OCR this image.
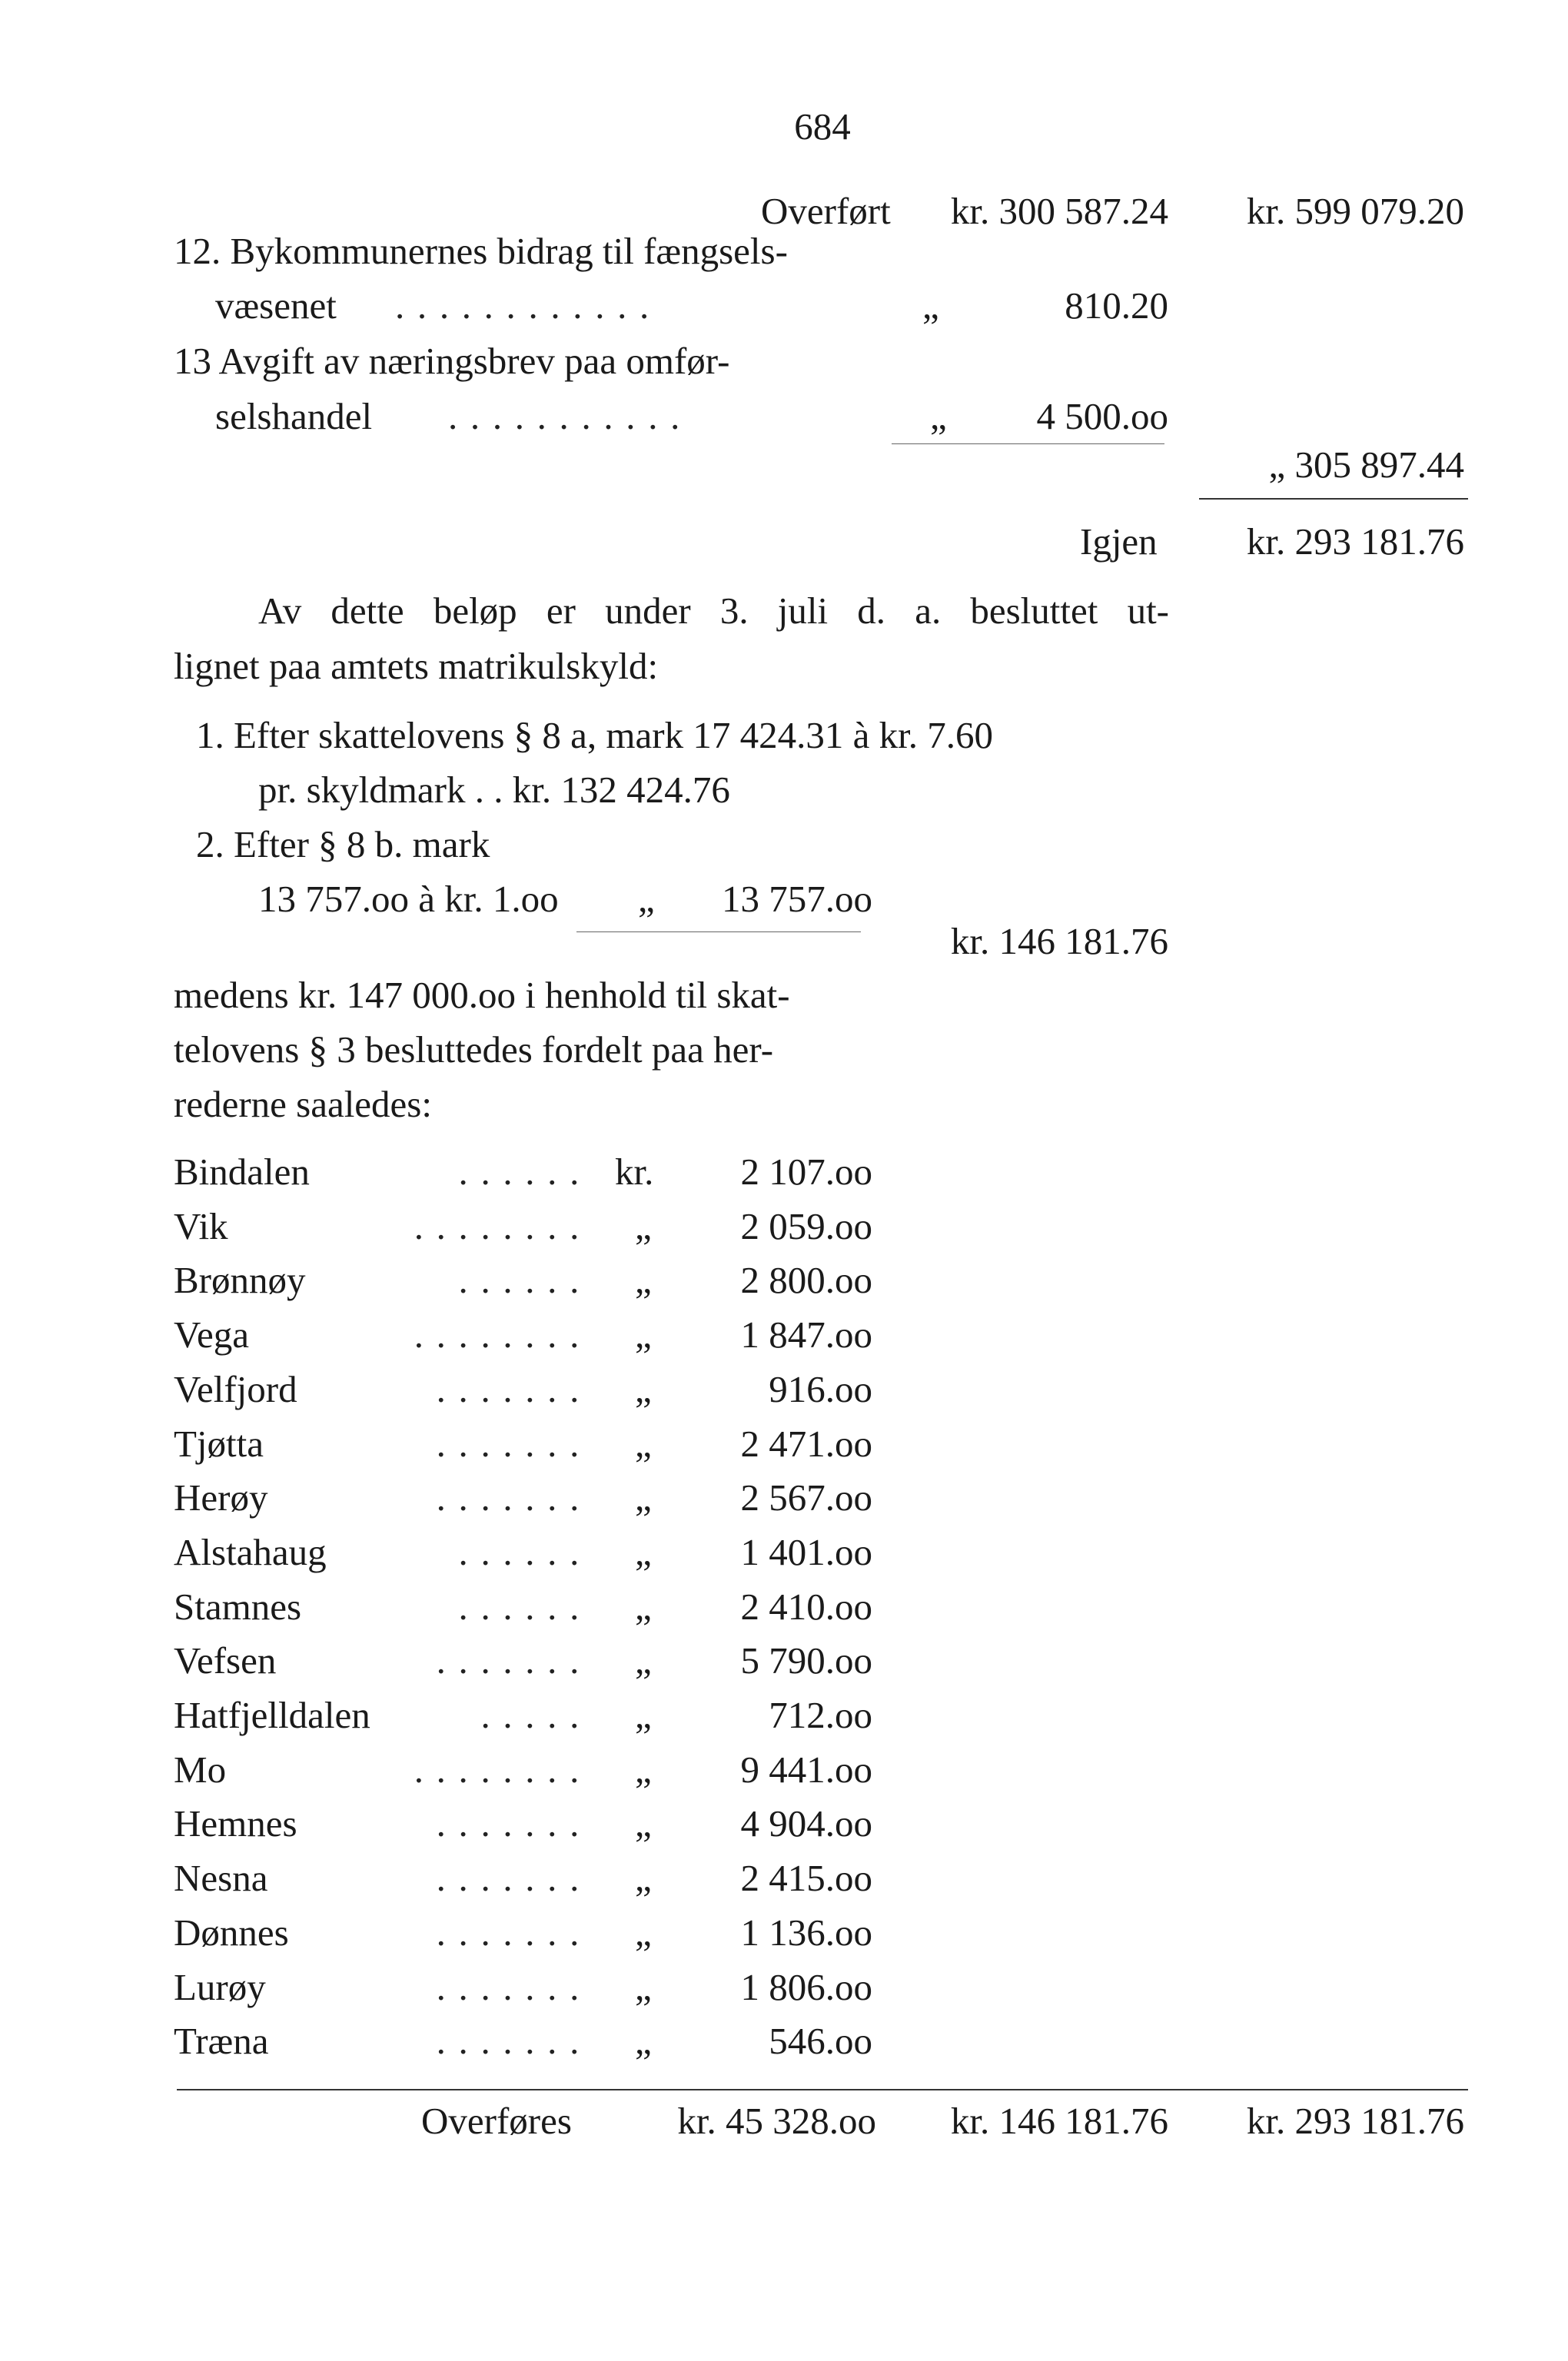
684
Overført	kr. 300 587.24	kr. 599 079.20
12. Bykommunernes bidrag til fængsels-
væsenet ............	„	810.20
13 Avgift av næringsbrev paa omfør-
selshandel ...........	„	4 500.oo
„ 305 897.44
Igjen	kr. 293 181.76
Av dette beløp er under 3. juli d. a. besluttet ut-
lignet paa amtets matrikulskyld:
1. Efter skattelovens § 8 a, mark 17 424.31 à kr. 7.60
pr. skyldmark . . kr. 132 424.76
2. Efter § 8 b. mark
13 757.oo à kr. 1.oo „	13 757.oo
kr. 146 181.76
medens kr. 147 000.oo i henhold til skat-
telovens § 3 besluttedes fordelt paa her-
rederne saaledes:
Bindalen	...... kr.	2 107.oo
Vik	........ „	2 059.oo
Brønnøy	...... „	2 800.oo
Vega	........ „	1 847.oo
Velfjord	....... „	916.oo
Tjøtta	....... „	2 471.oo
Herøy	....... „	2 567.oo
Alstahaug	...... „	1 401.oo
Stamnes	...... „	2 410.oo
Vefsen	....... „	5 790.oo
Hatfjelldalen	..... „	712.oo
Mo	........ „	9 441.oo
Hemnes	....... „	4 904.oo
Nesna	....... „	2 415.oo
Dønnes	....... „	1 136.oo
Lurøy	....... „	1 806.oo
Træna	....... „	546.oo
Overføres	kr. 45 328.oo	kr. 146 181.76	kr. 293 181.76
